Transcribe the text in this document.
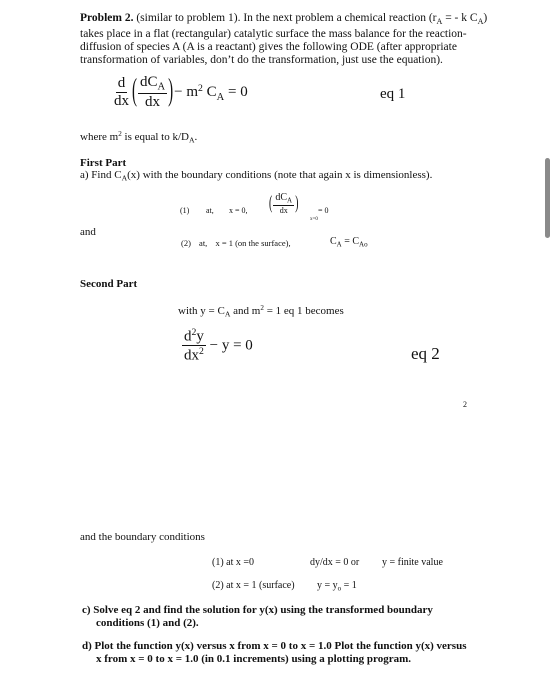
Problem 2. (similar to problem 1). In the next problem a chemical reaction ($r_A$ = - k $C_A$)
takes place in a flat (rectangular) catalytic surface the mass balance for the reaction-
diffusion of species A (A is a reactant) gives the following ODE (after appropriate
transformation of variables, don’t do the transformation, just use the equation).
$\frac{d}{dx}$ ( $\frac{dC_A}{dx}$ )− $m^2$ $C_A = 0$	eq 1
where $m^2$ is equal to $k/D_A$.
First Part
a) Find $C_A(x)$ with the boundary conditions (note that again x is dimensionless).
(1) at, x = 0, ( $\frac{dC_A}{dx}$ )
x=0
= 0
and
(2) at, x = 1 (on the surface),	$C_A = C_{Ao}$
Second Part
with $y = C_A$ and $m^2 = 1$ eq 1 becomes
$\frac{d^2y}{dx^2} - y = 0$	eq 2
2
and the boundary conditions
(1) at x =0	dy/dx = 0 or y = finite value
(2) at x = 1 (surface) $y = y_o = 1$
c) Solve eq 2 and find the solution for y(x) using the transformed boundary
conditions (1) and (2).
d) Plot the function y(x) versus x from x = 0 to x = 1.0 Plot the function y(x) versus
x from x = 0 to x = 1.0 (in 0.1 increments) using a plotting program.
